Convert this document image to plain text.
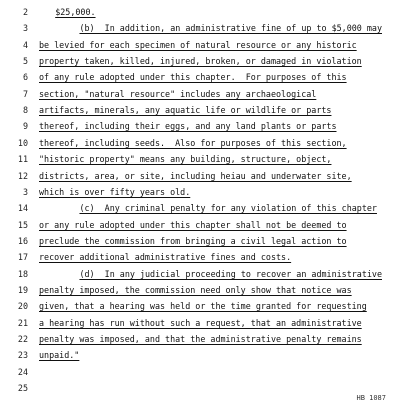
2	$25,000.
3	(b)  In addition, an administrative fine of up to $5,000 may
4 be levied for each specimen of natural resource or any historic
5 property taken, killed, injured, broken, or damaged in violation
6 of any rule adopted under this chapter.  For purposes of this
7 section, "natural resource" includes any archaeological
8 artifacts, minerals, any aquatic life or wildlife or parts
9 thereof, including their eggs, and any land plants or parts
10 thereof, including seeds.  Also for purposes of this section,
11 "historic property" means any building, structure, object,
12 districts, area, or site, including heiau and underwater site,
3 which is over fifty years old.
14	(c)  Any criminal penalty for any violation of this chapter
15 or any rule adopted under this chapter shall not be deemed to
16 preclude the commission from bringing a civil legal action to
17 recover additional administrative fines and costs.
18	(d)  In any judicial proceeding to recover an administrative
19 penalty imposed, the commission need only show that notice was
20 given, that a hearing was held or the time granted for requesting
21 a hearing has run without such a request, that an administrative
22 penalty was imposed, and that the administrative penalty remains
23 unpaid."
24
25
HB 1087
